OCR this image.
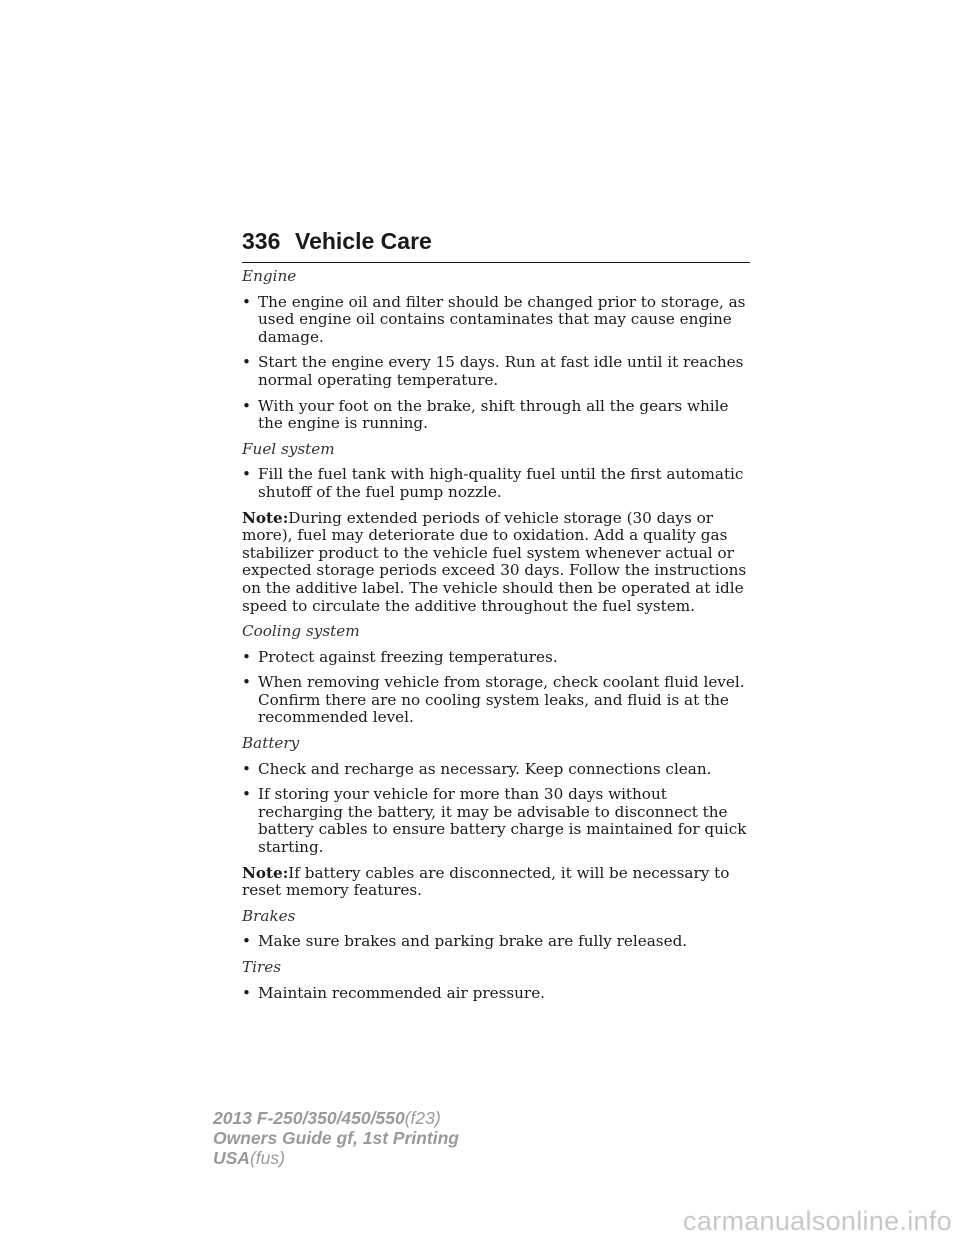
336 Vehicle Care
Engine
• The engine oil and filter should be changed prior to storage, as used engine oil contains contaminates that may cause engine damage.
• Start the engine every 15 days. Run at fast idle until it reaches normal operating temperature.
• With your foot on the brake, shift through all the gears while the engine is running.
Fuel system
• Fill the fuel tank with high-quality fuel until the first automatic shutoff of the fuel pump nozzle.

Note:During extended periods of vehicle storage (30 days or more), fuel may deteriorate due to oxidation. Add a quality gas stabilizer product to the vehicle fuel system whenever actual or expected storage periods exceed 30 days. Follow the instructions on the additive label. The vehicle should then be operated at idle speed to circulate the additive throughout the fuel system.

Cooling system
• Protect against freezing temperatures.
• When removing vehicle from storage, check coolant fluid level. Confirm there are no cooling system leaks, and fluid is at the recommended level.
Battery
• Check and recharge as necessary. Keep connections clean.
• If storing your vehicle for more than 30 days without recharging the battery, it may be advisable to disconnect the battery cables to ensure battery charge is maintained for quick starting.

Note:If battery cables are disconnected, it will be necessary to reset memory features.

Brakes
• Make sure brakes and parking brake are fully released.
Tires
• Maintain recommended air pressure.
2013 F-250/350/450/550(f23)
Owners Guide gf, 1st Printing
USA(fus)
carmanualsonline.info
